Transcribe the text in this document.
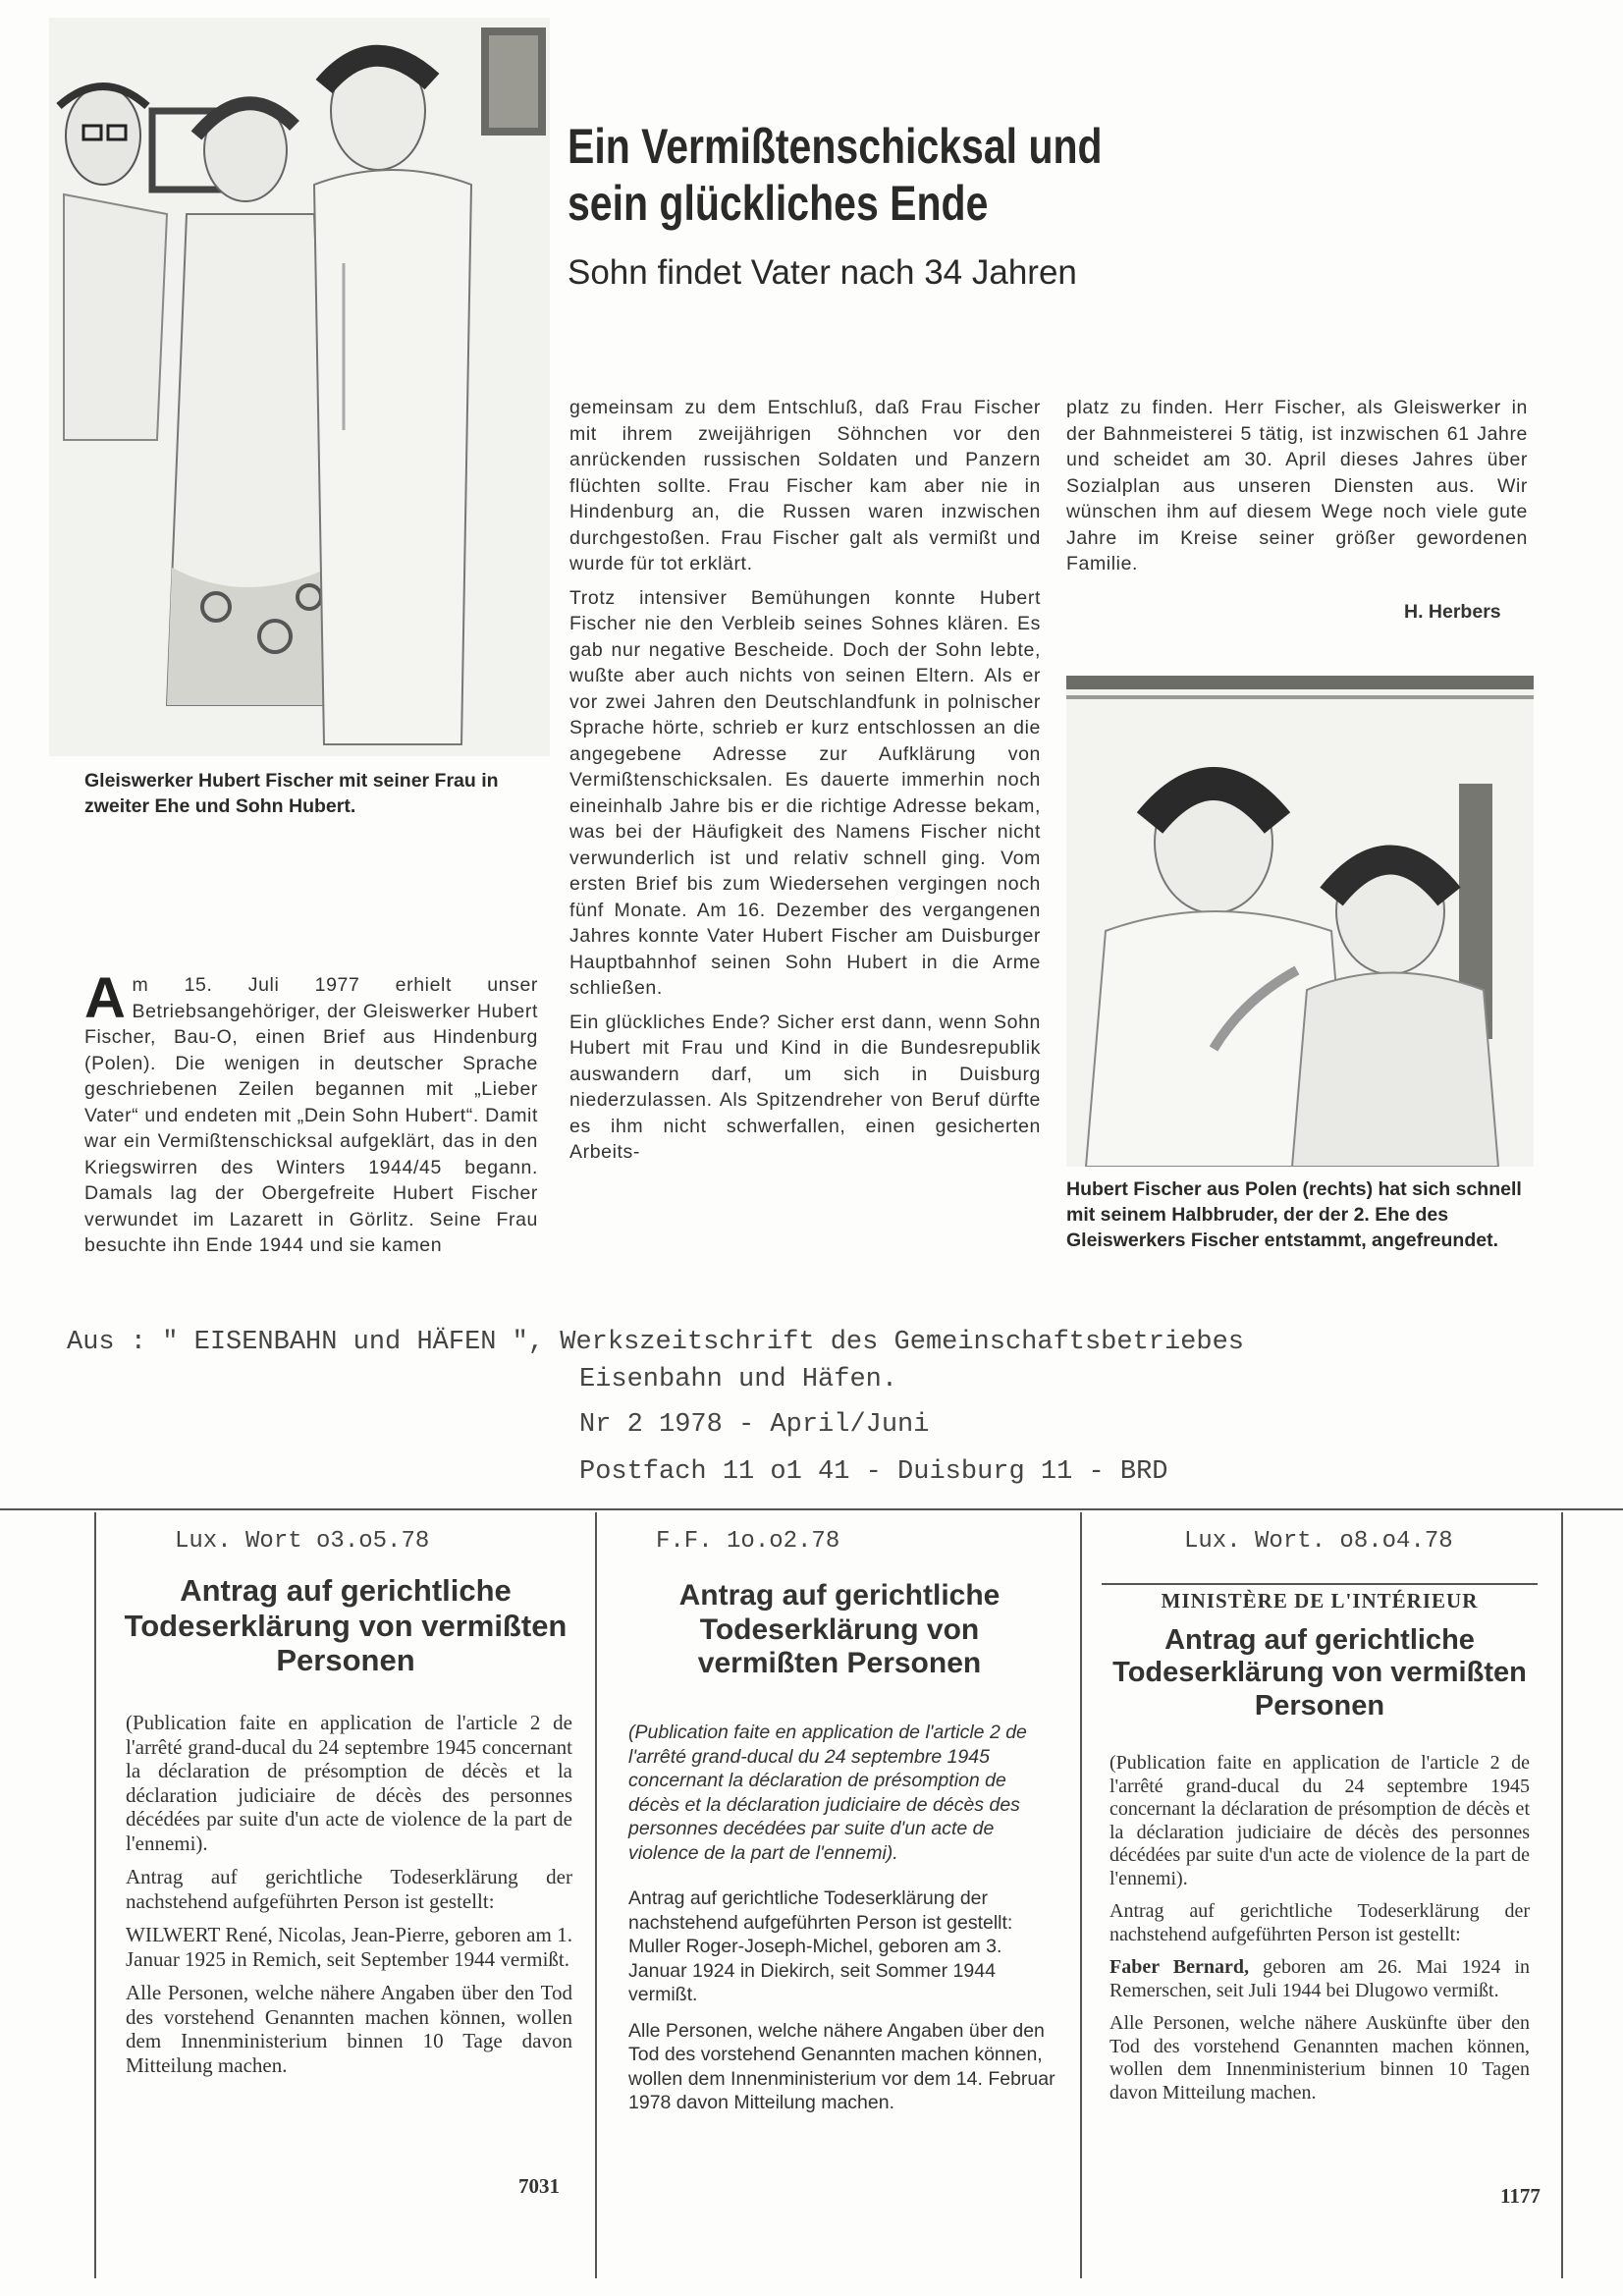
Ein Vermißtenschicksal und
sein glückliches Ende
Sohn findet Vater nach 34 Jahren
Gleiswerker Hubert Fischer mit seiner Frau in zweiter Ehe und Sohn Hubert.
Am 15. Juli 1977 erhielt unser Betriebsangehöriger, der Gleiswerker Hubert Fischer, Bau-O, einen Brief aus Hindenburg (Polen). Die wenigen in deutscher Sprache geschriebenen Zeilen begannen mit „Lieber Vater“ und endeten mit „Dein Sohn Hubert“. Damit war ein Vermißtenschicksal aufgeklärt, das in den Kriegswirren des Winters 1944/45 begann. Damals lag der Obergefreite Hubert Fischer verwundet im Lazarett in Görlitz. Seine Frau besuchte ihn Ende 1944 und sie kamen

gemeinsam zu dem Entschluß, daß Frau Fischer mit ihrem zweijährigen Söhnchen vor den anrückenden russischen Soldaten und Panzern flüchten sollte. Frau Fischer kam aber nie in Hindenburg an, die Russen waren inzwischen durchgestoßen. Frau Fischer galt als vermißt und wurde für tot erklärt.

Trotz intensiver Bemühungen konnte Hubert Fischer nie den Verbleib seines Sohnes klären. Es gab nur negative Bescheide. Doch der Sohn lebte, wußte aber auch nichts von seinen Eltern. Als er vor zwei Jahren den Deutschlandfunk in polnischer Sprache hörte, schrieb er kurz entschlossen an die angegebene Adresse zur Aufklärung von Vermißtenschicksalen. Es dauerte immerhin noch eineinhalb Jahre bis er die richtige Adresse bekam, was bei der Häufigkeit des Namens Fischer nicht verwunderlich ist und relativ schnell ging. Vom ersten Brief bis zum Wiedersehen vergingen noch fünf Monate. Am 16. Dezember des vergangenen Jahres konnte Vater Hubert Fischer am Duisburger Hauptbahnhof seinen Sohn Hubert in die Arme schließen.

Ein glückliches Ende? Sicher erst dann, wenn Sohn Hubert mit Frau und Kind in die Bundesrepublik auswandern darf, um sich in Duisburg niederzulassen. Als Spitzendreher von Beruf dürfte es ihm nicht schwerfallen, einen gesicherten Arbeits-

platz zu finden. Herr Fischer, als Gleiswerker in der Bahnmeisterei 5 tätig, ist inzwischen 61 Jahre und scheidet am 30. April dieses Jahres über Sozialplan aus unseren Diensten aus. Wir wünschen ihm auf diesem Wege noch viele gute Jahre im Kreise seiner größer gewordenen Familie.

H. Herbers
Hubert Fischer aus Polen (rechts) hat sich schnell mit seinem Halbbruder, der der 2. Ehe des Gleiswerkers Fischer entstammt, angefreundet.
Aus : " EISENBAHN und HÄFEN ", Werkszeitschrift des Gemeinschaftsbetriebes
Eisenbahn und Häfen.
Nr 2 1978 - April/Juni
Postfach 11 o1 41 - Duisburg 11 - BRD
Lux. Wort o3.o5.78
Antrag auf gerichtliche Todeserklärung von vermißten Personen

(Publication faite en application de l'article 2 de l'arrêté grand-ducal du 24 septembre 1945 concernant la déclaration de présomption de décès et la déclaration judiciaire de décès des personnes décédées par suite d'un acte de violence de la part de l'ennemi).

Antrag auf gerichtliche Todeserklärung der nachstehend aufgeführten Person ist gestellt:

WILWERT René, Nicolas, Jean-Pierre, geboren am 1. Januar 1925 in Remich, seit September 1944 vermißt.

Alle Personen, welche nähere Angaben über den Tod des vorstehend Genannten machen können, wollen dem Innenministerium binnen 10 Tage davon Mitteilung machen.

7031
F.F. 1o.o2.78
Antrag auf gerichtliche Todeserklärung von vermißten Personen

(Publication faite en application de l'article 2 de l'arrêté grand-ducal du 24 septembre 1945 concernant la déclaration de présomption de décès et la déclaration judiciaire de décès des personnes decédées par suite d'un acte de violence de la part de l'ennemi).

Antrag auf gerichtliche Todeserklärung der nachstehend aufgeführten Person ist gestellt: Muller Roger-Joseph-Michel, geboren am 3. Januar 1924 in Diekirch, seit Sommer 1944 vermißt.

Alle Personen, welche nähere Angaben über den Tod des vorstehend Genannten machen können, wollen dem Innenministerium vor dem 14. Februar 1978 davon Mitteilung machen.

Lux. Wort. o8.o4.78
MINISTÈRE DE L'INTÉRIEUR
Antrag auf gerichtliche Todeserklärung von vermißten Personen

(Publication faite en application de l'article 2 de l'arrêté grand-ducal du 24 septembre 1945 concernant la déclaration de présomption de décès et la déclaration judiciaire de décès des personnes décédées par suite d'un acte de violence de la part de l'ennemi).

Antrag auf gerichtliche Todeserklärung der nachstehend aufgeführten Person ist gestellt:

Faber Bernard, geboren am 26. Mai 1924 in Remerschen, seit Juli 1944 bei Dlugowo vermißt.

Alle Personen, welche nähere Auskünfte über den Tod des vorstehend Genannten machen können, wollen dem Innenministerium binnen 10 Tagen davon Mitteilung machen.

1177
